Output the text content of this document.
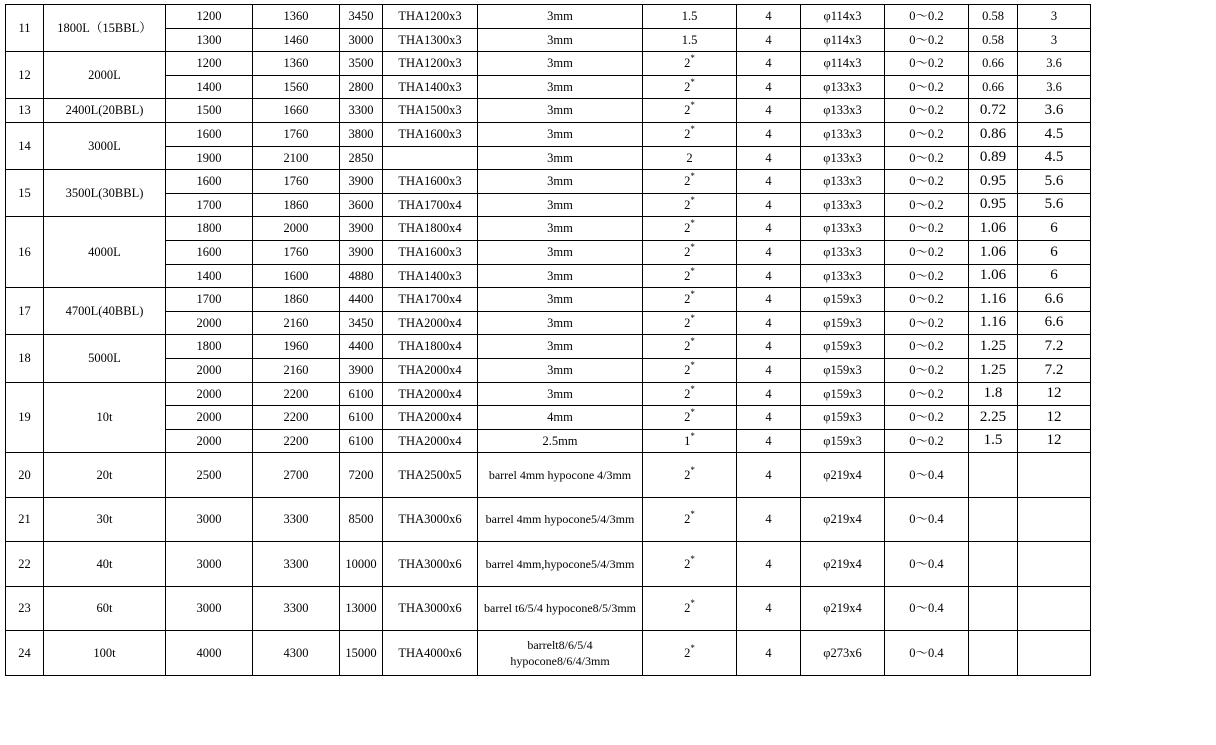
11	1800L（15BBL）	1200	1360	3450	THA1200x3	3mm	1.5	4	φ114x3	0～0.2	0.58	3
		1300	1460	3000	THA1300x3	3mm	1.5	4	φ114x3	0～0.2	0.58	3
12	2000L	1200	1360	3500	THA1200x3	3mm	2*	4	φ114x3	0～0.2	0.66	3.6
		1400	1560	2800	THA1400x3	3mm	2*	4	φ133x3	0～0.2	0.66	3.6
13	2400L(20BBL)	1500	1660	3300	THA1500x3	3mm	2*	4	φ133x3	0～0.2	0.72	3.6
14	3000L	1600	1760	3800	THA1600x3	3mm	2*	4	φ133x3	0～0.2	0.86	4.5
		1900	2100	2850		3mm	2	4	φ133x3	0～0.2	0.89	4.5
15	3500L(30BBL)	1600	1760	3900	THA1600x3	3mm	2*	4	φ133x3	0～0.2	0.95	5.6
		1700	1860	3600	THA1700x4	3mm	2*	4	φ133x3	0～0.2	0.95	5.6
16	4000L	1800	2000	3900	THA1800x4	3mm	2*	4	φ133x3	0～0.2	1.06	6
		1600	1760	3900	THA1600x3	3mm	2*	4	φ133x3	0～0.2	1.06	6
		1400	1600	4880	THA1400x3	3mm	2*	4	φ133x3	0～0.2	1.06	6
17	4700L(40BBL)	1700	1860	4400	THA1700x4	3mm	2*	4	φ159x3	0～0.2	1.16	6.6
		2000	2160	3450	THA2000x4	3mm	2*	4	φ159x3	0～0.2	1.16	6.6
18	5000L	1800	1960	4400	THA1800x4	3mm	2*	4	φ159x3	0～0.2	1.25	7.2
		2000	2160	3900	THA2000x4	3mm	2*	4	φ159x3	0～0.2	1.25	7.2
19	10t	2000	2200	6100	THA2000x4	3mm	2*	4	φ159x3	0～0.2	1.8	12
		2000	2200	6100	THA2000x4	4mm	2*	4	φ159x3	0～0.2	2.25	12
		2000	2200	6100	THA2000x4	2.5mm	1*	4	φ159x3	0～0.2	1.5	12
20	20t	2500	2700	7200	THA2500x5	barrel 4mm hypocone 4/3mm	2*	4	φ219x4	0～0.4		
21	30t	3000	3300	8500	THA3000x6	barrel 4mm hypocone5/4/3mm	2*	4	φ219x4	0～0.4		
22	40t	3000	3300	10000	THA3000x6	barrel 4mm,hypocone5/4/3mm	2*	4	φ219x4	0～0.4		
23	60t	3000	3300	13000	THA3000x6	barrel t6/5/4 hypocone8/5/3mm	2*	4	φ219x4	0～0.4		
24	100t	4000	4300	15000	THA4000x6	barrelt8/6/5/4 hypocone8/6/4/3mm	2*	4	φ273x6	0～0.4		
